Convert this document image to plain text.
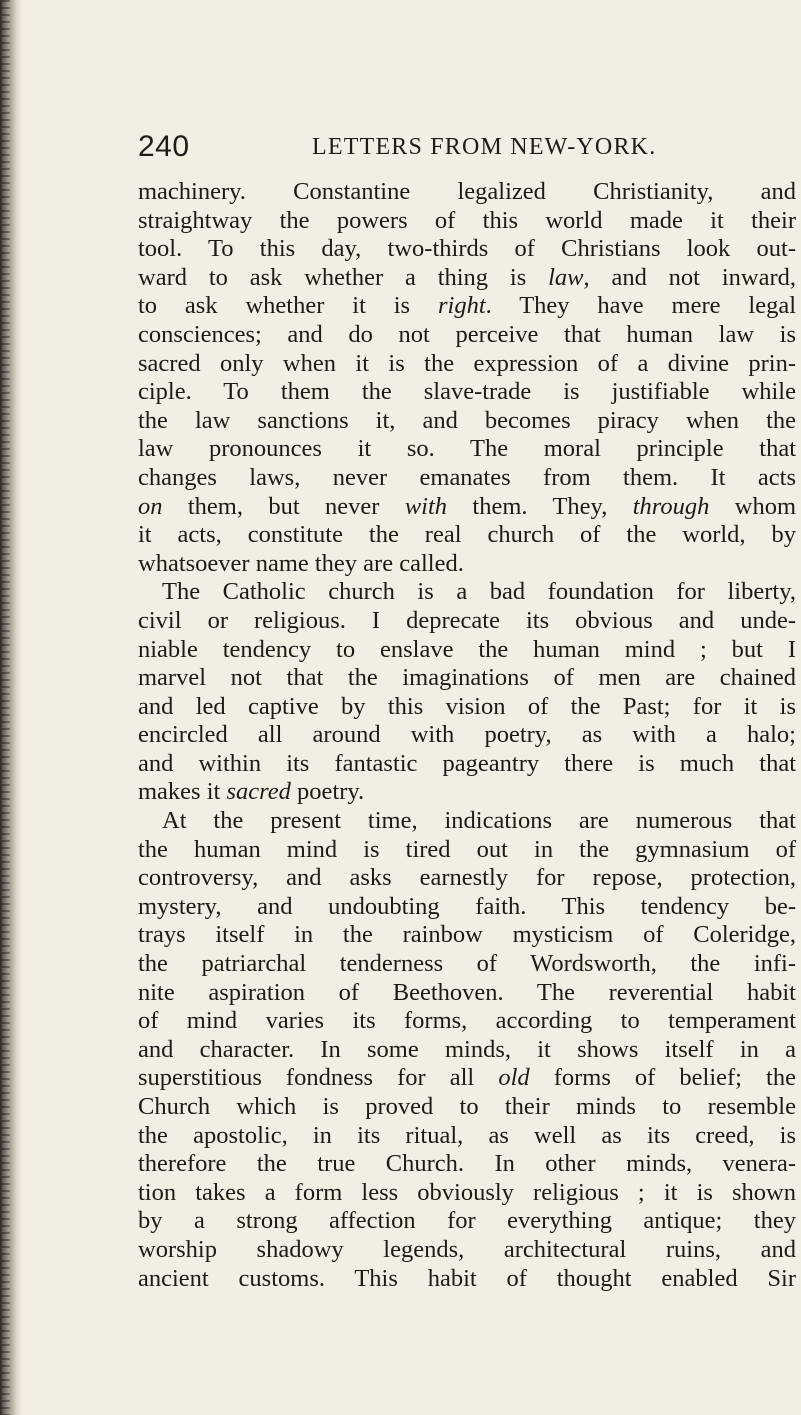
240	LETTERS FROM NEW-YORK.
machinery. Constantine legalized Christianity, and
straightway the powers of this world made it their
tool. To this day, two-thirds of Christians look out-
ward to ask whether a thing is law, and not inward,
to ask whether it is right. They have mere legal
consciences; and do not perceive that human law is
sacred only when it is the expression of a divine prin-
ciple. To them the slave-trade is justifiable while
the law sanctions it, and becomes piracy when the
law pronounces it so. The moral principle that
changes laws, never emanates from them. It acts
on them, but never with them. They, through whom
it acts, constitute the real church of the world, by
whatsoever name they are called.
The Catholic church is a bad foundation for liberty,
civil or religious. I deprecate its obvious and unde-
niable tendency to enslave the human mind ; but I
marvel not that the imaginations of men are chained
and led captive by this vision of the Past; for it is
encircled all around with poetry, as with a halo;
and within its fantastic pageantry there is much that
makes it sacred poetry.
At the present time, indications are numerous that
the human mind is tired out in the gymnasium of
controversy, and asks earnestly for repose, protection,
mystery, and undoubting faith. This tendency be-
trays itself in the rainbow mysticism of Coleridge,
the patriarchal tenderness of Wordsworth, the infi-
nite aspiration of Beethoven. The reverential habit
of mind varies its forms, according to temperament
and character. In some minds, it shows itself in a
superstitious fondness for all old forms of belief; the
Church which is proved to their minds to resemble
the apostolic, in its ritual, as well as its creed, is
therefore the true Church. In other minds, venera-
tion takes a form less obviously religious ; it is shown
by a strong affection for everything antique; they
worship shadowy legends, architectural ruins, and
ancient customs. This habit of thought enabled Sir
